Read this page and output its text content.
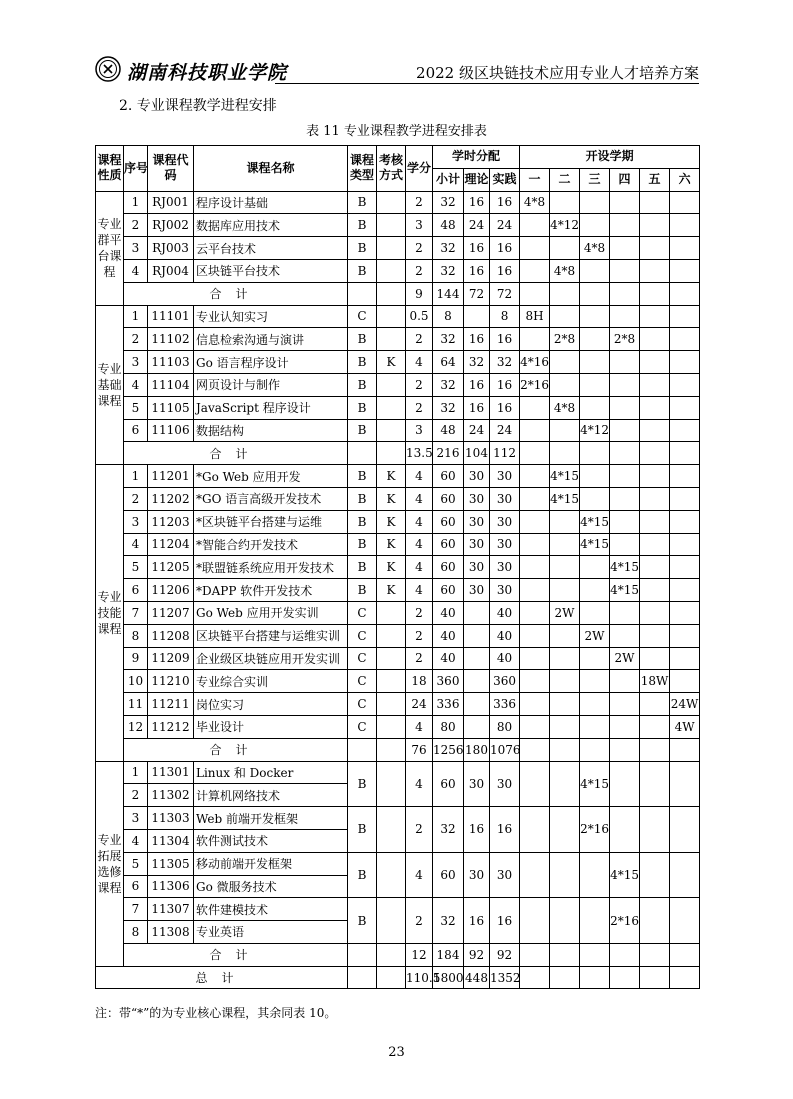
湖南科技职业学院	2022 级区块链技术应用专业人才培养方案
2. 专业课程教学进程安排
表 11 专业课程教学进程安排表
课程性质	序号	课程代码	课程名称	课程类型	考核方式	学分	学时分配			开设学期					
							小计	理论	实践	一	二	三	四	五	六
专业群平台课程	1	RJ001	程序设计基础	B		2	32	16	16	4*8					
	2	RJ002	数据库应用技术	B		3	48	24	24		4*12				
	3	RJ003	云平台技术	B		2	32	16	16			4*8			
	4	RJ004	区块链平台技术	B		2	32	16	16		4*8				
	合计					9	144	72	72						
专业基础课程	1	11101	专业认知实习	C		0.5	8		8	8H					
	2	11102	信息检索沟通与演讲	B		2	32	16	16		2*8		2*8		
	3	11103	Go 语言程序设计	B	K	4	64	32	32	4*16					
	4	11104	网页设计与制作	B		2	32	16	16	2*16					
	5	11105	JavaScript 程序设计	B		2	32	16	16		4*8				
	6	11106	数据结构	B		3	48	24	24			4*12			
	合计					13.5	216	104	112						
专业技能课程	1	11201	*Go Web 应用开发	B	K	4	60	30	30		4*15				
	2	11202	*GO 语言高级开发技术	B	K	4	60	30	30		4*15				
	3	11203	*区块链平台搭建与运维	B	K	4	60	30	30			4*15			
	4	11204	*智能合约开发技术	B	K	4	60	30	30			4*15			
	5	11205	*联盟链系统应用开发技术	B	K	4	60	30	30				4*15		
	6	11206	*DAPP 软件开发技术	B	K	4	60	30	30				4*15		
	7	11207	Go Web 应用开发实训	C		2	40		40		2W				
	8	11208	区块链平台搭建与运维实训	C		2	40		40			2W			
	9	11209	企业级区块链应用开发实训	C		2	40		40				2W		
	10	11210	专业综合实训	C		18	360		360					18W	
	11	11211	岗位实习	C		24	336		336						24W
	12	11212	毕业设计	C		4	80		80						4W
	合计					76	1256	180	1076						
专业拓展选修课程	1	11301	Linux 和 Docker	B		4	60	30	30			4*15			
	2	11302	计算机网络技术												
	3	11303	Web 前端开发框架	B		2	32	16	16			2*16			
	4	11304	软件测试技术												
	5	11305	移动前端开发框架	B		4	60	30	30				4*15		
	6	11306	Go 微服务技术												
	7	11307	软件建模技术	B		2	32	16	16				2*16		
	8	11308	专业英语												
	合计					12	184	92	92						
总计						110.5	1800	448	1352						
注：带“*”的为专业核心课程，其余同表 10。
23
